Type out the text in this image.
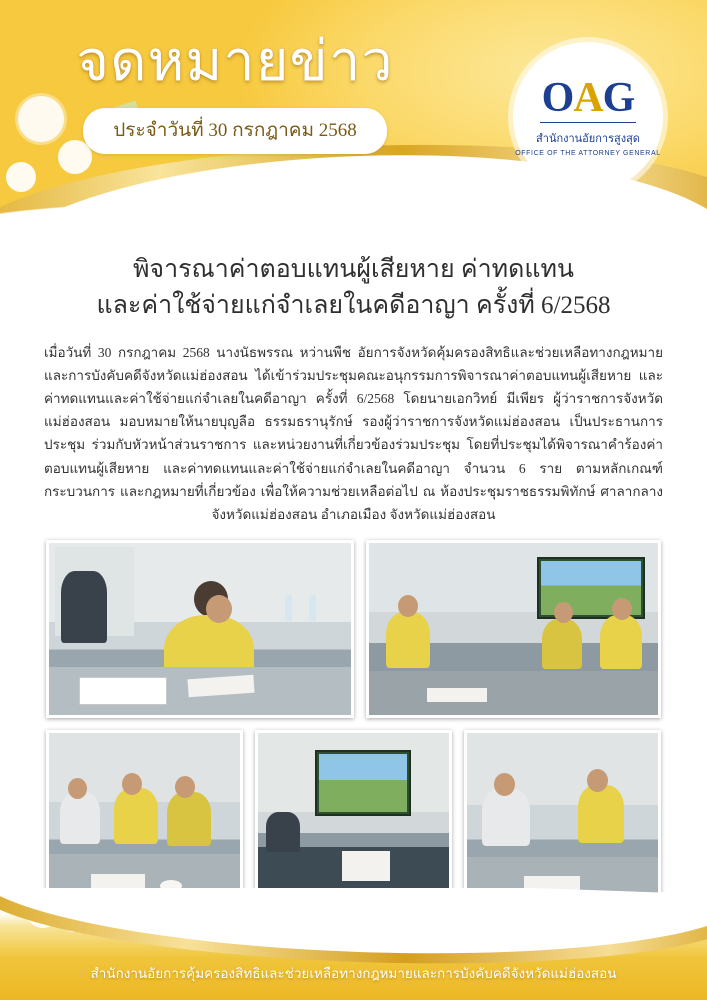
จดหมายข่าว
ประจำวันที่ 30 กรกฎาคม 2568
OAG
สำนักงานอัยการสูงสุด
OFFICE OF THE ATTORNEY GENERAL
พิจารณาค่าตอบแทนผู้เสียหาย ค่าทดแทน
และค่าใช้จ่ายแก่จำเลยในคดีอาญา ครั้งที่ 6/2568
เมื่อวันที่ 30 กรกฎาคม 2568 นางนัธพรรณ หว่านพืช อัยการจังหวัดคุ้มครองสิทธิและช่วยเหลือทางกฎหมายและการบังคับคดีจังหวัดแม่ฮ่องสอน ได้เข้าร่วมประชุมคณะอนุกรรมการพิจารณาค่าตอบแทนผู้เสียหาย และค่าทดแทนและค่าใช้จ่ายแก่จำเลยในคดีอาญา ครั้งที่ 6/2568 โดยนายเอกวิทย์ มีเพียร ผู้ว่าราชการจังหวัดแม่ฮ่องสอน มอบหมายให้นายบุญลือ ธรรมธรานุรักษ์ รองผู้ว่าราชการจังหวัดแม่ฮ่องสอน เป็นประธานการประชุม ร่วมกับหัวหน้าส่วนราชการ และหน่วยงานที่เกี่ยวข้องร่วมประชุม โดยที่ประชุมได้พิจารณาคำร้องค่าตอบแทนผู้เสียหาย และค่าทดแทนและค่าใช้จ่ายแก่จำเลยในคดีอาญา จำนวน 6 ราย ตามหลักเกณฑ์ กระบวนการ และกฎหมายที่เกี่ยวข้อง เพื่อให้ความช่วยเหลือต่อไป ณ ห้องประชุมราชธรรมพิทักษ์ ศาลากลางจังหวัดแม่ฮ่องสอน อำเภอเมือง จังหวัดแม่ฮ่องสอน
สำนักงานอัยการคุ้มครองสิทธิและช่วยเหลือทางกฎหมายและการบังคับคดีจังหวัดแม่ฮ่องสอน
